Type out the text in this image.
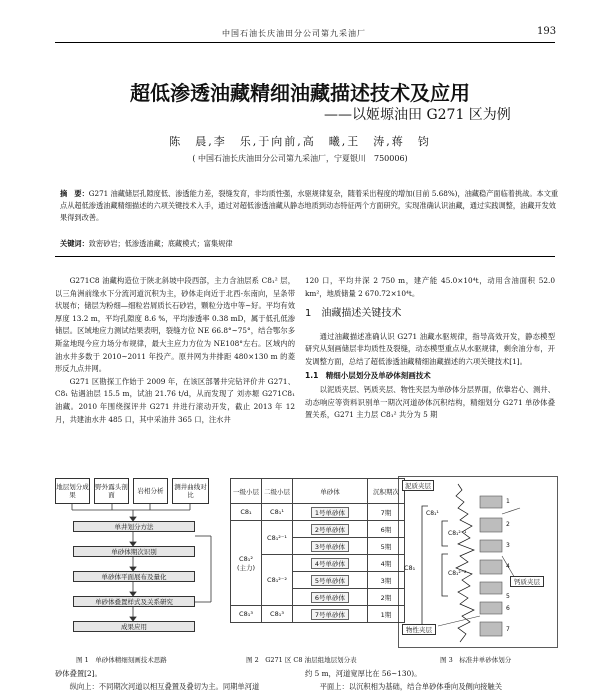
中国石油长庆油田分公司第九采油厂	193
超低渗透油藏精细油藏描述技术及应用
——以姬塬油田 G271 区为例
陈　晨,李　乐,于向前,高　曦,王　涛,蒋　钧
( 中国石油长庆油田分公司第九采油厂，宁夏银川　750006)
摘　要：G271 油藏储层孔隙度低、渗透能力差，裂缝发育，非均质性强，水驱规律复杂，随着采出程度的增加(目前 5.68%)，油藏稳产面临着挑战。本文重点从超低渗透油藏精细描述的六项关键技术入手，通过对超低渗透油藏从静态地质到动态特征两个方面研究，实现准确认识油藏，通过实践调整，油藏开发效果得到改善。
关键词：致密砂岩；低渗透油藏；底藏模式；富集规律

G271C8 油藏构造位于陕北斜坡中段西部，主力含油层系 C8₁² 层，以三角洲前缘水下分流河道沉积为主，砂体走向近于北西-东南向，呈条带状展布；储层为粉细—细粒岩屑质长石砂岩，颗粒分选中等~好。平均有效厚度 13.2 m，平均孔隙度 8.6 %，平均渗透率 0.38 mD，属于低孔低渗储层。区域地应力测试结果表明，裂缝方位 NE 66.8°~75°，结合鄂尔多斯盆地现今应力场分布规律，最大主应力方位为 NE108°左右。区域内的油水井多数于 2010~2011 年投产。原井网为井排距 480×130 m 的菱形反九点井网。

G271 区勘探工作始于 2009 年，在该区部署井完钻评价井 G271、C8₁ 钻遇油层 15.5 m，试油 21.76 t/d，从而发现了 刘亦塬 G271C8₁ 油藏。2010 年围绕探评井 G271 井进行滚动开发，截止 2013 年 12 月，共建油水井 485 口，其中采油井 365 口，注水井

120 口，平均井深 2 750 m，建产能 45.0×10⁴t，动用含油面积 52.0 km²，地质储量 2 670.72×10⁴t。

1　油藏描述关键技术

通过油藏描述准确认识 G271 油藏水驱规律，指导高效开发，静态模型研究从刻画储层非均质性及裂缝，动态模型重点从水驱规律，剩余油分布，开发调整方面，总结了超低渗透油藏精细油藏描述的六项关键技术[1]。

1.1　精细小层划分及单砂体刻画技术

以泥质夹层、钙质夹层、物性夹层为单砂体分层界面，依靠岩心、测井、动态响应等资料识别单一期次河道砂体沉积结构，精细划分 G271 单砂体叠置关系，G271 主力层 C8₁² 共分为 5 期

地层划分成果
野外露头剖面	岩相分析	测井曲线对比
单井划分方法
单砂体期次识别
单砂体平面展布及量化
单砂体叠置样式及关系研究
成果应用
图 1　单砂体精细刻画技术思路
一级小层	二级小层	单砂体	沉积期次
C8₁	C8₁¹	1号单砂体	7期

C8₁²
(主力)	C8₁²⁻¹	2号单砂体	6期
		3号单砂体	5期
	C8₁²⁻²	4号单砂体	4期
		5号单砂体	3期
		6号单砂体	2期
C8₁³	C8₁³	7号单砂体	1期
图 2　G271 区 C8 油层组地层划分表
泥质夹层
C8₁¹
C8₁²⁻¹
C8₁²⁻²
C8₁
钙质夹层
物性夹层
1
2
3
4
5
6
7
图 3　标准井单砂体划分
砂体叠置[2]。
纵向上：不同期次河道以相互叠置及叠切为主。同期单河道
约 5 m，河道宽厚比在 56~130)。
平面上：以沉积相为基础，结合单砂体垂向及侧向接触关
